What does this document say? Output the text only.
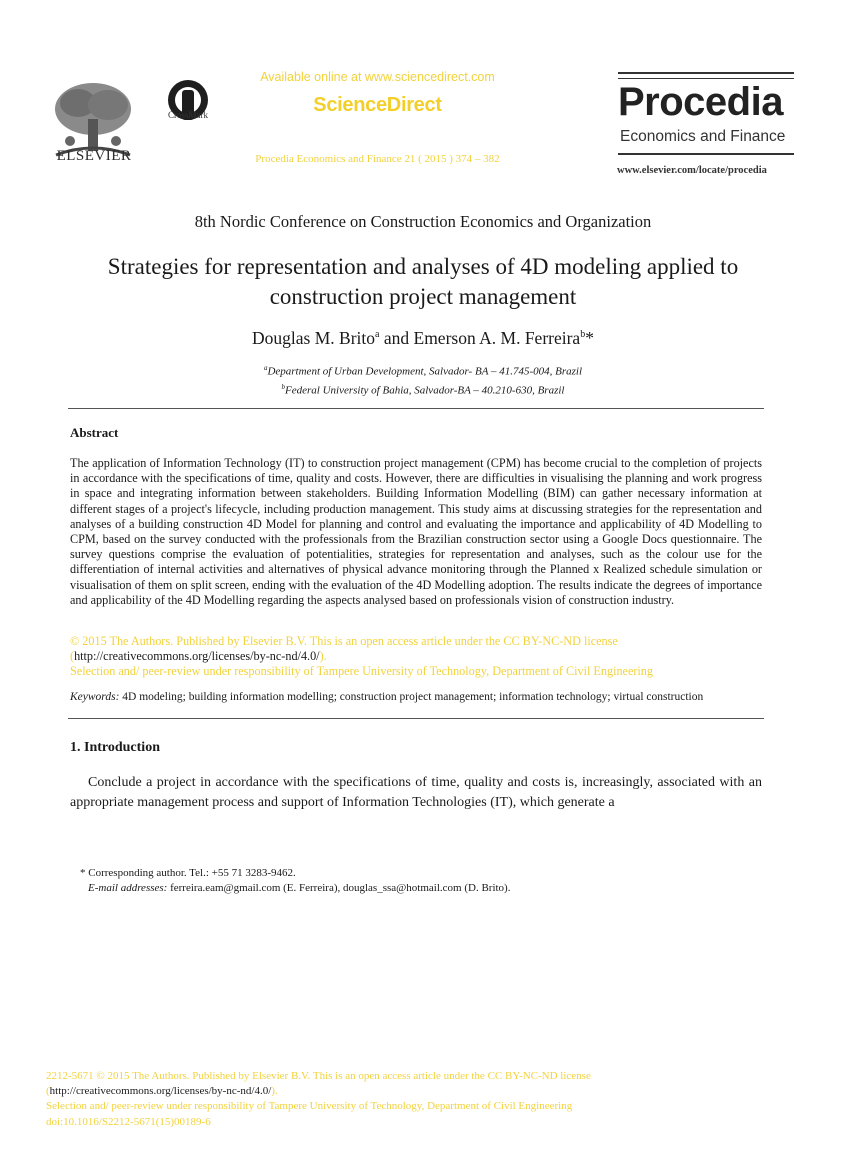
ELSEVIER
CrossMark
Available online at www.sciencedirect.com
ScienceDirect
Procedia Economics and Finance 21 ( 2015 ) 374 – 382
Procedia
Economics and Finance
www.elsevier.com/locate/procedia
8th Nordic Conference on Construction Economics and Organization
Strategies for representation and analyses of 4D modeling applied to
construction project management
Douglas M. Brito$^a$ and Emerson A. M. Ferreira$^b$*
$^a$Department of Urban Development, Salvador- BA – 41.745-004, Brazil
$^b$Federal University of Bahia, Salvador-BA – 40.210-630, Brazil
Abstract
The application of Information Technology (IT) to construction project management (CPM) has become crucial to the completion of projects in accordance with the specifications of time, quality and costs. However, there are difficulties in visualising the planning and work progress in space and integrating information between stakeholders. Building Information Modelling (BIM) can gather necessary information at different stages of a project's lifecycle, including production management. This study aims at discussing strategies for the representation and analyses of a building construction 4D Model for planning and control and evaluating the importance and applicability of 4D Modelling to CPM, based on the survey conducted with the professionals from the Brazilian construction sector using a Google Docs questionnaire. The survey questions comprise the evaluation of potentialities, strategies for representation and analyses, such as the colour use for the differentiation of internal activities and alternatives of physical advance monitoring through the Planned x Realized schedule simulation or visualisation of them on split screen, ending with the evaluation of the 4D Modelling adoption. The results indicate the degrees of importance and applicability of the 4D Modelling regarding the aspects analysed based on professionals vision of construction industry.
© 2015 The Authors. Published by Elsevier B.V. This is an open access article under the CC BY-NC-ND license
(http://creativecommons.org/licenses/by-nc-nd/4.0/).
Selection and/ peer-review under responsibility of Tampere University of Technology, Department of Civil Engineering
Keywords: 4D modeling; building information modelling; construction project management; information technology; virtual construction
1. Introduction
Conclude a project in accordance with the specifications of time, quality and costs is, increasingly, associated with an appropriate management process and support of Information Technologies (IT), which generate a
* Corresponding author. Tel.: +55 71 3283-9462.
E-mail addresses: ferreira.eam@gmail.com (E. Ferreira), douglas_ssa@hotmail.com (D. Brito).
2212-5671 © 2015 The Authors. Published by Elsevier B.V. This is an open access article under the CC BY-NC-ND license
(http://creativecommons.org/licenses/by-nc-nd/4.0/).
Selection and/ peer-review under responsibility of Tampere University of Technology, Department of Civil Engineering
doi:10.1016/S2212-5671(15)00189-6
